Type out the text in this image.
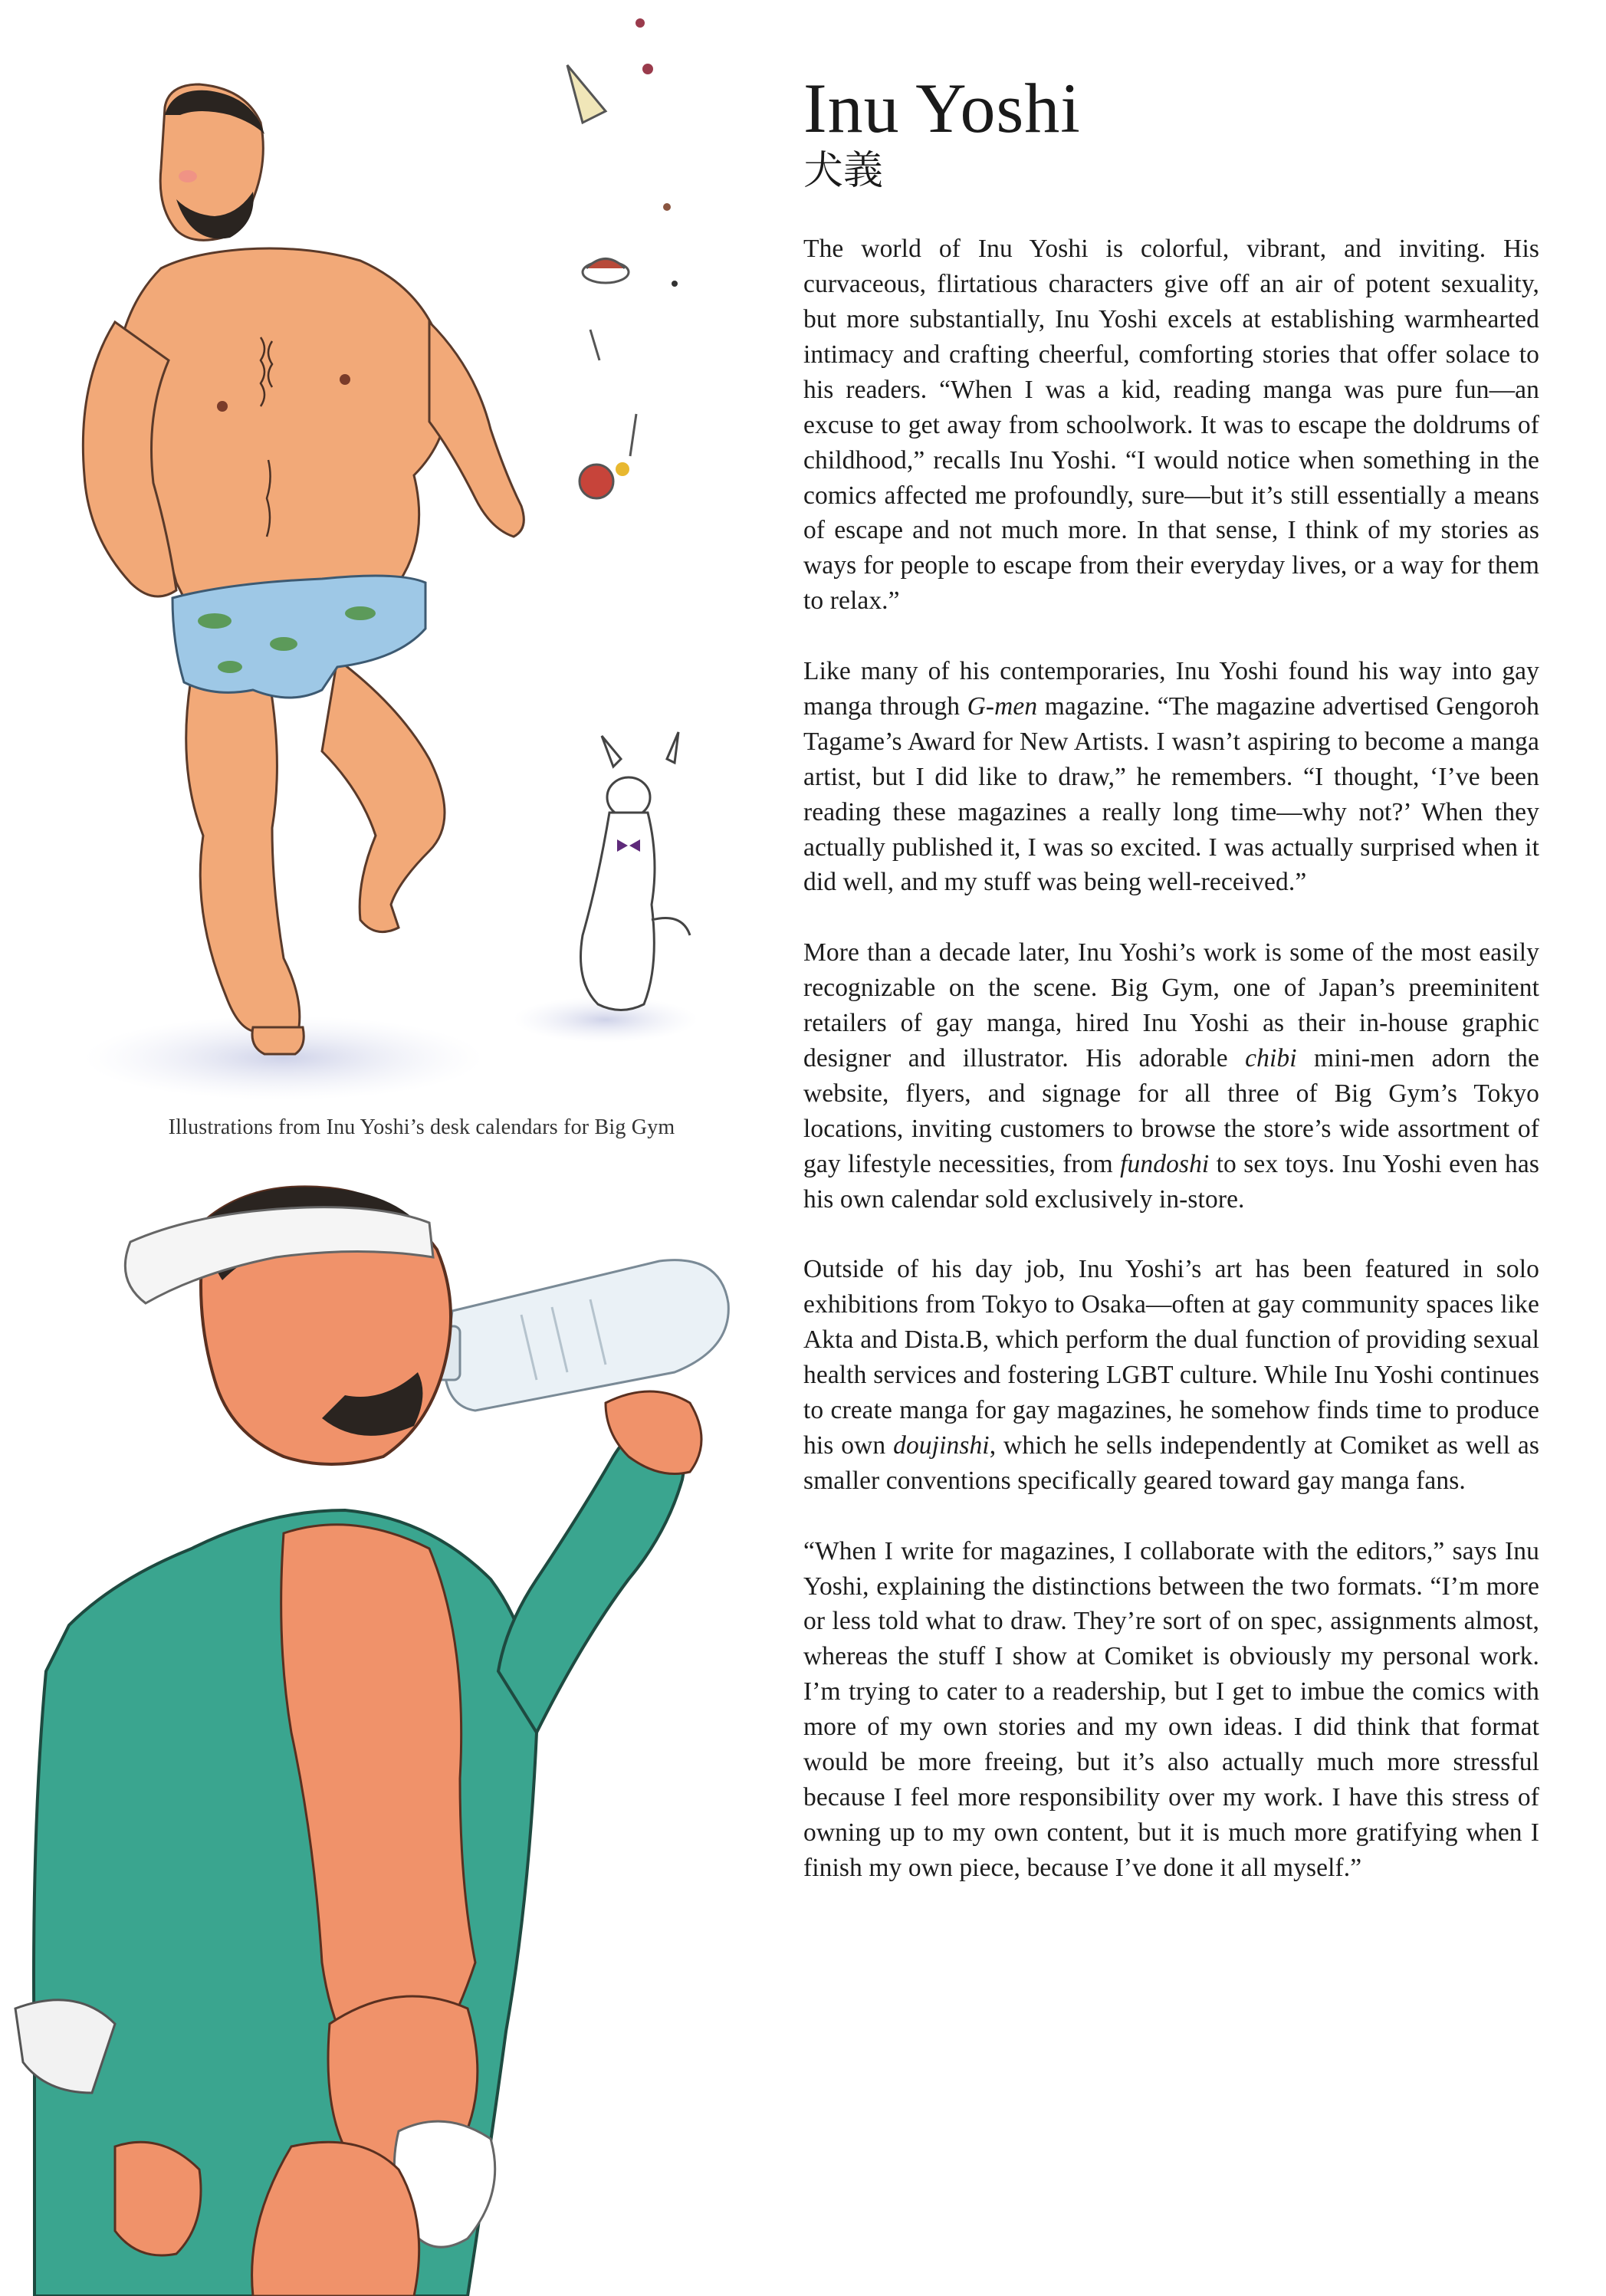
Illustrations from Inu Yoshi’s desk calendars for Big Gym
Inu Yoshi
犬義

The world of Inu Yoshi is colorful, vibrant, and inviting. His curvaceous, flirtatious characters give off an air of potent sexuality, but more substantially, Inu Yoshi excels at establishing warmhearted intimacy and crafting cheerful, comforting stories that offer solace to his readers. “When I was a kid, reading manga was pure fun—an excuse to get away from schoolwork. It was to escape the doldrums of childhood,” recalls Inu Yoshi. “I would notice when something in the comics affected me profoundly, sure—but it’s still essentially a means of escape and not much more. In that sense, I think of my stories as ways for people to escape from their everyday lives, or a way for them to relax.”

Like many of his contemporaries, Inu Yoshi found his way into gay manga through G-men magazine. “The magazine advertised Gengoroh Tagame’s Award for New Artists. I wasn’t aspiring to become a manga artist, but I did like to draw,” he remembers. “I thought, ‘I’ve been reading these magazines a really long time—why not?’ When they actually published it, I was so excited. I was actually surprised when it did well, and my stuff was being well-received.”

More than a decade later, Inu Yoshi’s work is some of the most easily recognizable on the scene. Big Gym, one of Japan’s preeminitent retailers of gay manga, hired Inu Yoshi as their in-house graphic designer and illustrator. His adorable chibi mini-men adorn the website, flyers, and signage for all three of Big Gym’s Tokyo locations, inviting customers to browse the store’s wide assortment of gay lifestyle necessities, from fundoshi to sex toys. Inu Yoshi even has his own calendar sold exclusively in-store.

Outside of his day job, Inu Yoshi’s art has been featured in solo exhibitions from Tokyo to Osaka—often at gay community spaces like Akta and Dista.B, which perform the dual function of providing sexual health services and fostering LGBT culture. While Inu Yoshi continues to create manga for gay magazines, he somehow finds time to produce his own doujinshi, which he sells independently at Comiket as well as smaller conventions specifically geared toward gay manga fans.

“When I write for magazines, I collaborate with the editors,” says Inu Yoshi, explaining the distinctions between the two formats. “I’m more or less told what to draw. They’re sort of on spec, assignments almost, whereas the stuff I show at Comiket is obviously my personal work. I’m trying to cater to a readership, but I get to imbue the comics with more of my own stories and my own ideas. I did think that format would be more freeing, but it’s also actually much more stressful because I feel more responsibility over my work. I have this stress of owning up to my own content, but it is much more gratifying when I finish my own piece, because I’ve done it all myself.”
